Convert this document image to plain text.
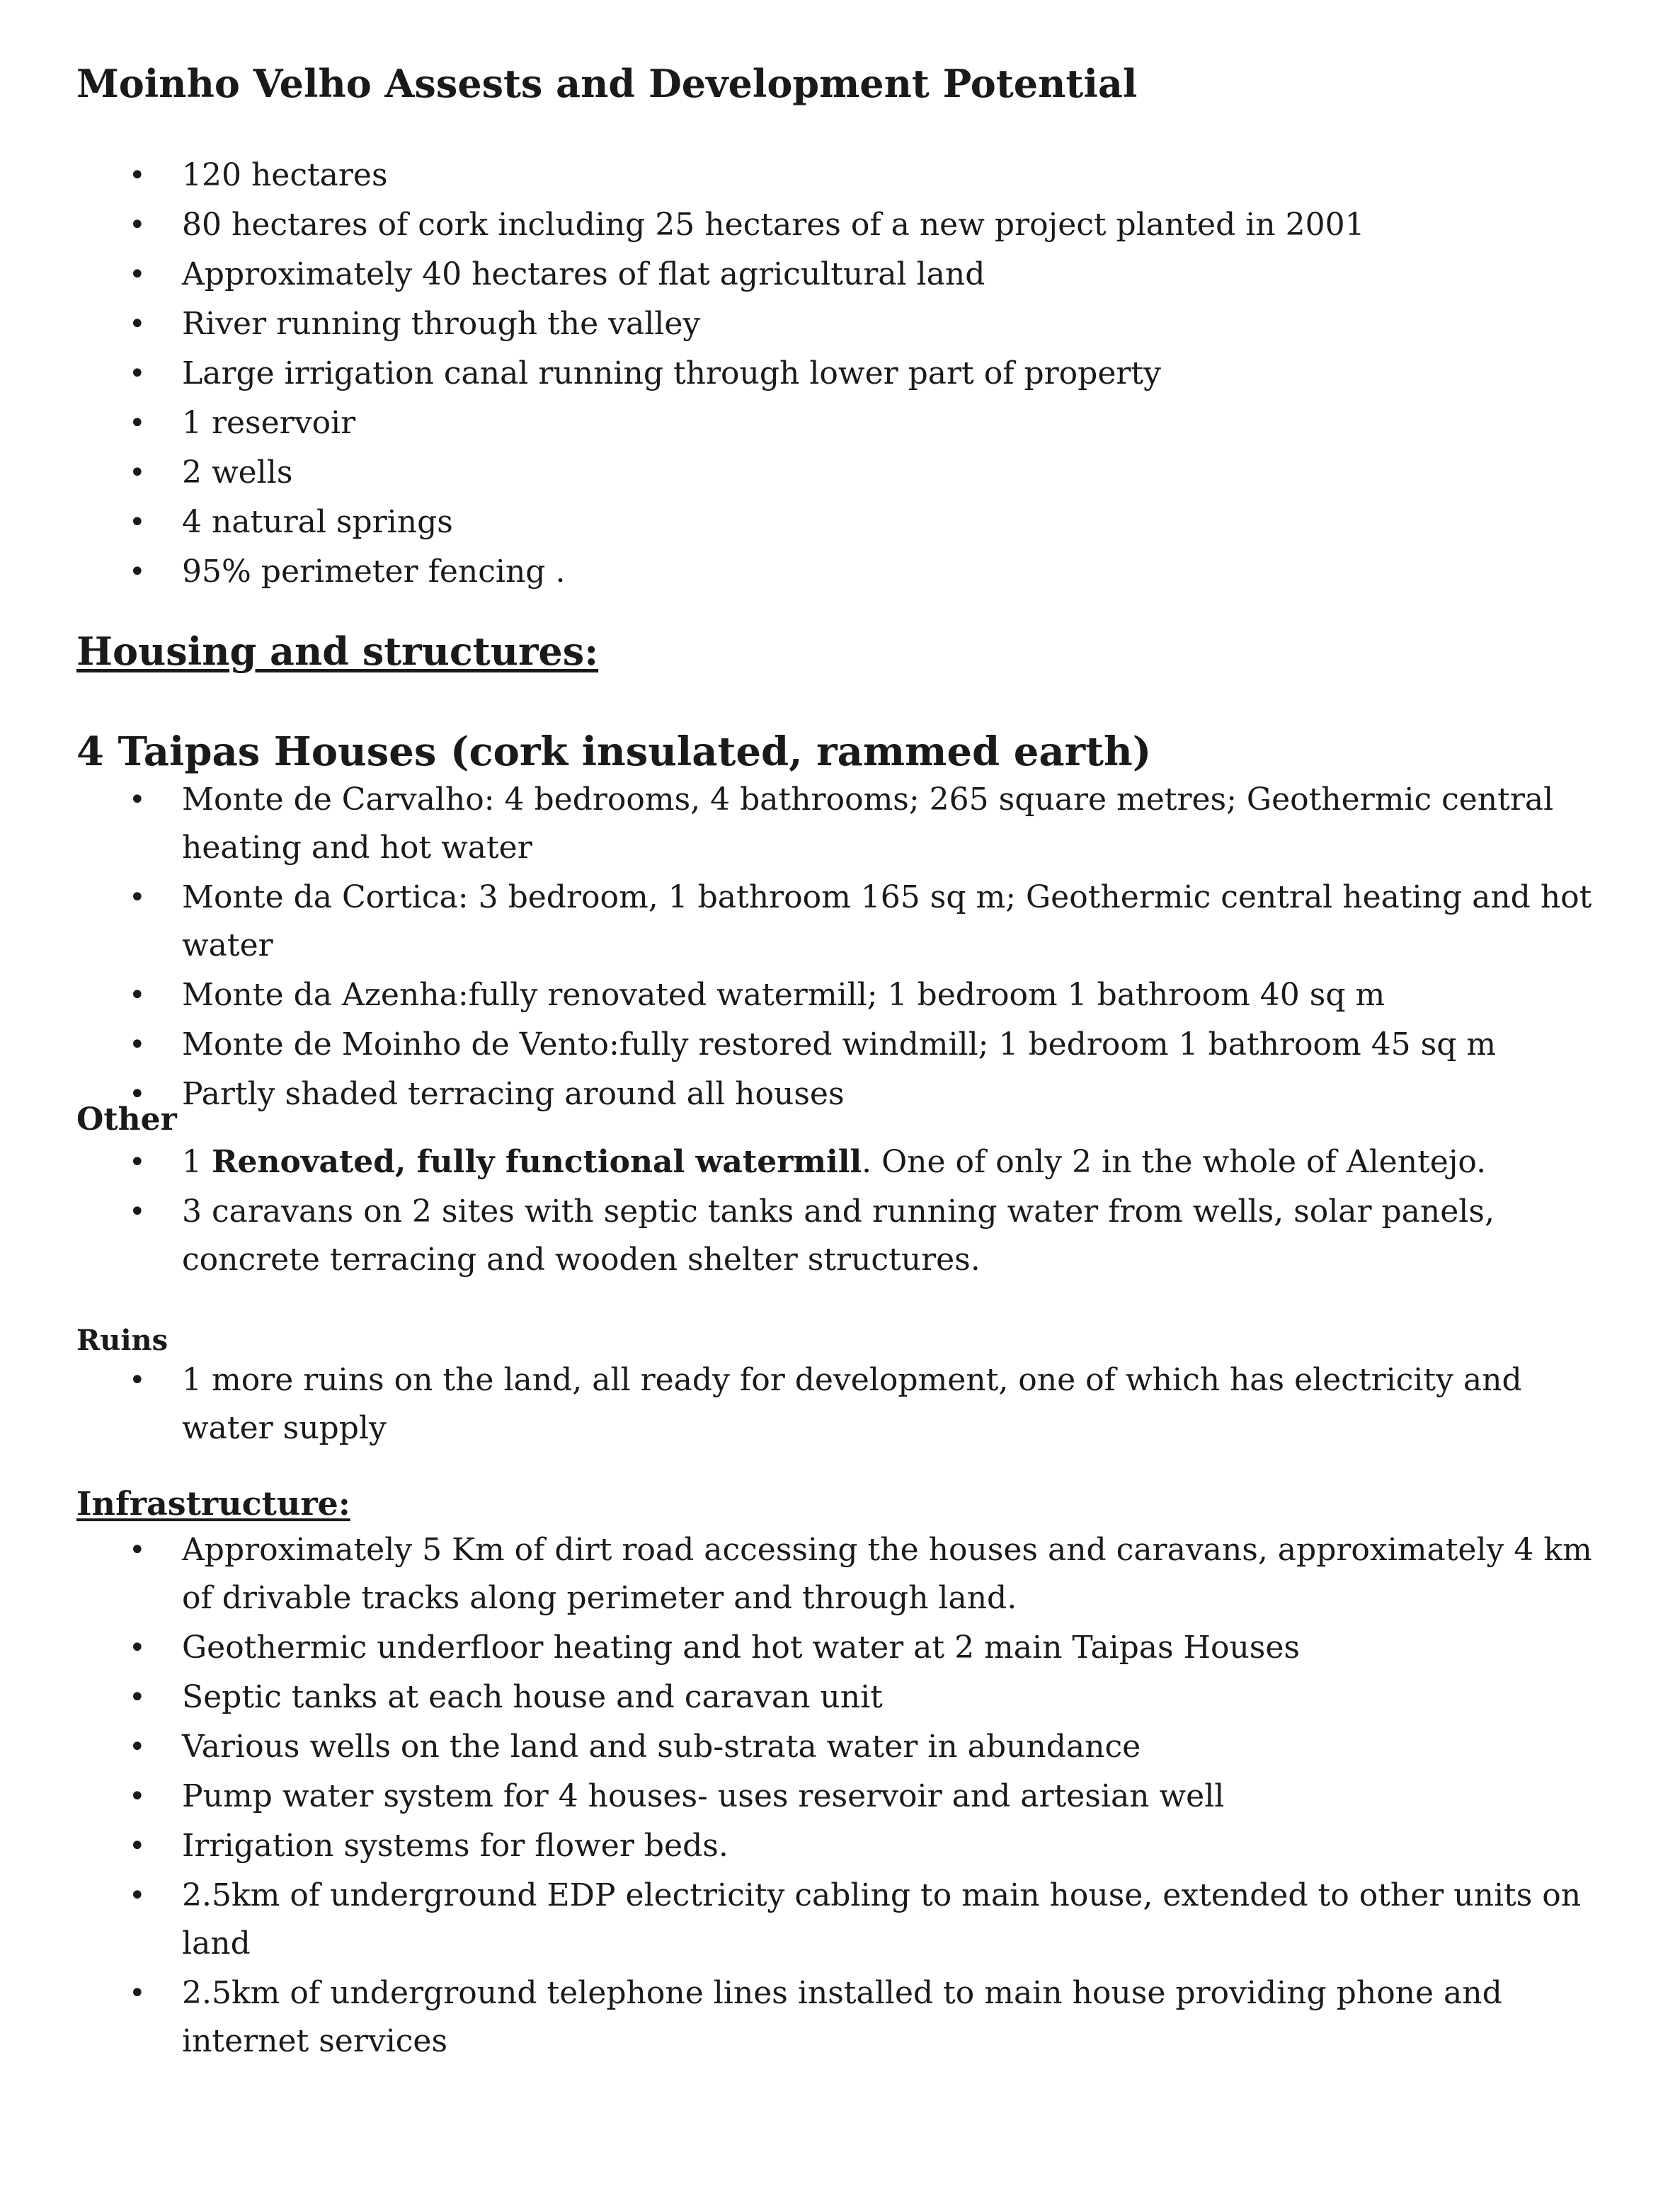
Moinho Velho Assests and Development Potential
• 120 hectares
• 80 hectares of cork including 25 hectares of a new project planted in 2001
• Approximately 40 hectares of flat agricultural land
• River running through the valley
• Large irrigation canal running through lower part of property
• 1 reservoir
• 2 wells
• 4 natural springs
• 95% perimeter fencing .
Housing and structures:
4 Taipas Houses (cork insulated, rammed earth)
• Monte de Carvalho: 4 bedrooms, 4 bathrooms; 265 square metres; Geothermic central heating and hot water
• Monte da Cortica: 3 bedroom, 1 bathroom 165 sq m; Geothermic central heating and hot water
• Monte da Azenha:fully renovated watermill; 1 bedroom 1 bathroom 40 sq m
• Monte de Moinho de Vento:fully restored windmill; 1 bedroom 1 bathroom 45 sq m
• Partly shaded terracing around all houses
Other
• 1 Renovated, fully functional watermill. One of only 2 in the whole of Alentejo.
• 3 caravans on 2 sites with septic tanks and running water from wells, solar panels, concrete terracing and wooden shelter structures.
Ruins
• 1 more ruins on the land, all ready for development, one of which has electricity and water supply
Infrastructure:
• Approximately 5 Km of dirt road accessing the houses and caravans, approximately 4 km of drivable tracks along perimeter and through land.
• Geothermic underfloor heating and hot water at 2 main Taipas Houses
• Septic tanks at each house and caravan unit
• Various wells on the land and sub-strata water in abundance
• Pump water system for 4 houses- uses reservoir and artesian well
• Irrigation systems for flower beds.
• 2.5km of underground EDP electricity cabling to main house, extended to other units on land
• 2.5km of underground telephone lines installed to main house providing phone and internet services
